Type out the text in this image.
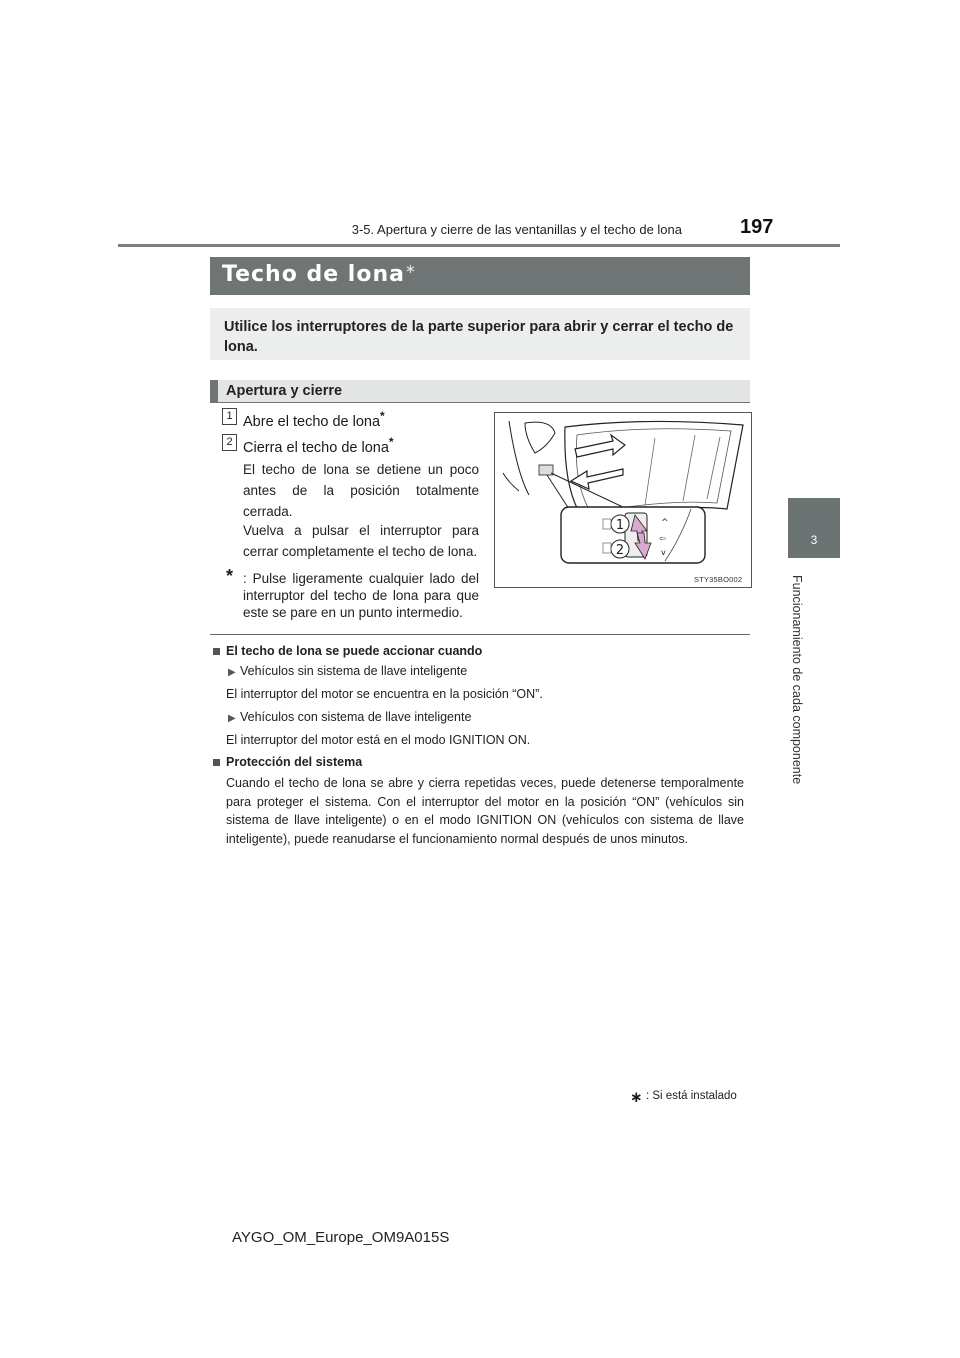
3-5. Apertura y cierre de las ventanillas y el techo de lona	197
3
Funcionamiento de cada componente
Techo de lona∗
Utilice los interruptores de la parte superior para abrir y cerrar el techo de lona.
Apertura y cierre
1 Abre el techo de lona*
2 Cierra el techo de lona*
El techo de lona se detiene un poco antes de la posición totalmente cerrada.
Vuelva a pulsar el interruptor para cerrar completamente el techo de lona.
* : Pulse ligeramente cualquier lado del interruptor del techo de lona para que este se pare en un punto intermedio.
^
⇦
v
1
2
STY35BO002
El techo de lona se puede accionar cuando
▶ Vehículos sin sistema de llave inteligente
El interruptor del motor se encuentra en la posición “ON”.
▶ Vehículos con sistema de llave inteligente
El interruptor del motor está en el modo IGNITION ON.
Protección del sistema
Cuando el techo de lona se abre y cierra repetidas veces, puede detenerse temporalmente para proteger el sistema. Con el interruptor del motor en la posición “ON” (vehículos sin sistema de llave inteligente) o en el modo IGNITION ON (vehículos con sistema de llave inteligente), puede reanudarse el funcionamiento normal después de unos minutos.
∗ : Si está instalado
AYGO_OM_Europe_OM9A015S
